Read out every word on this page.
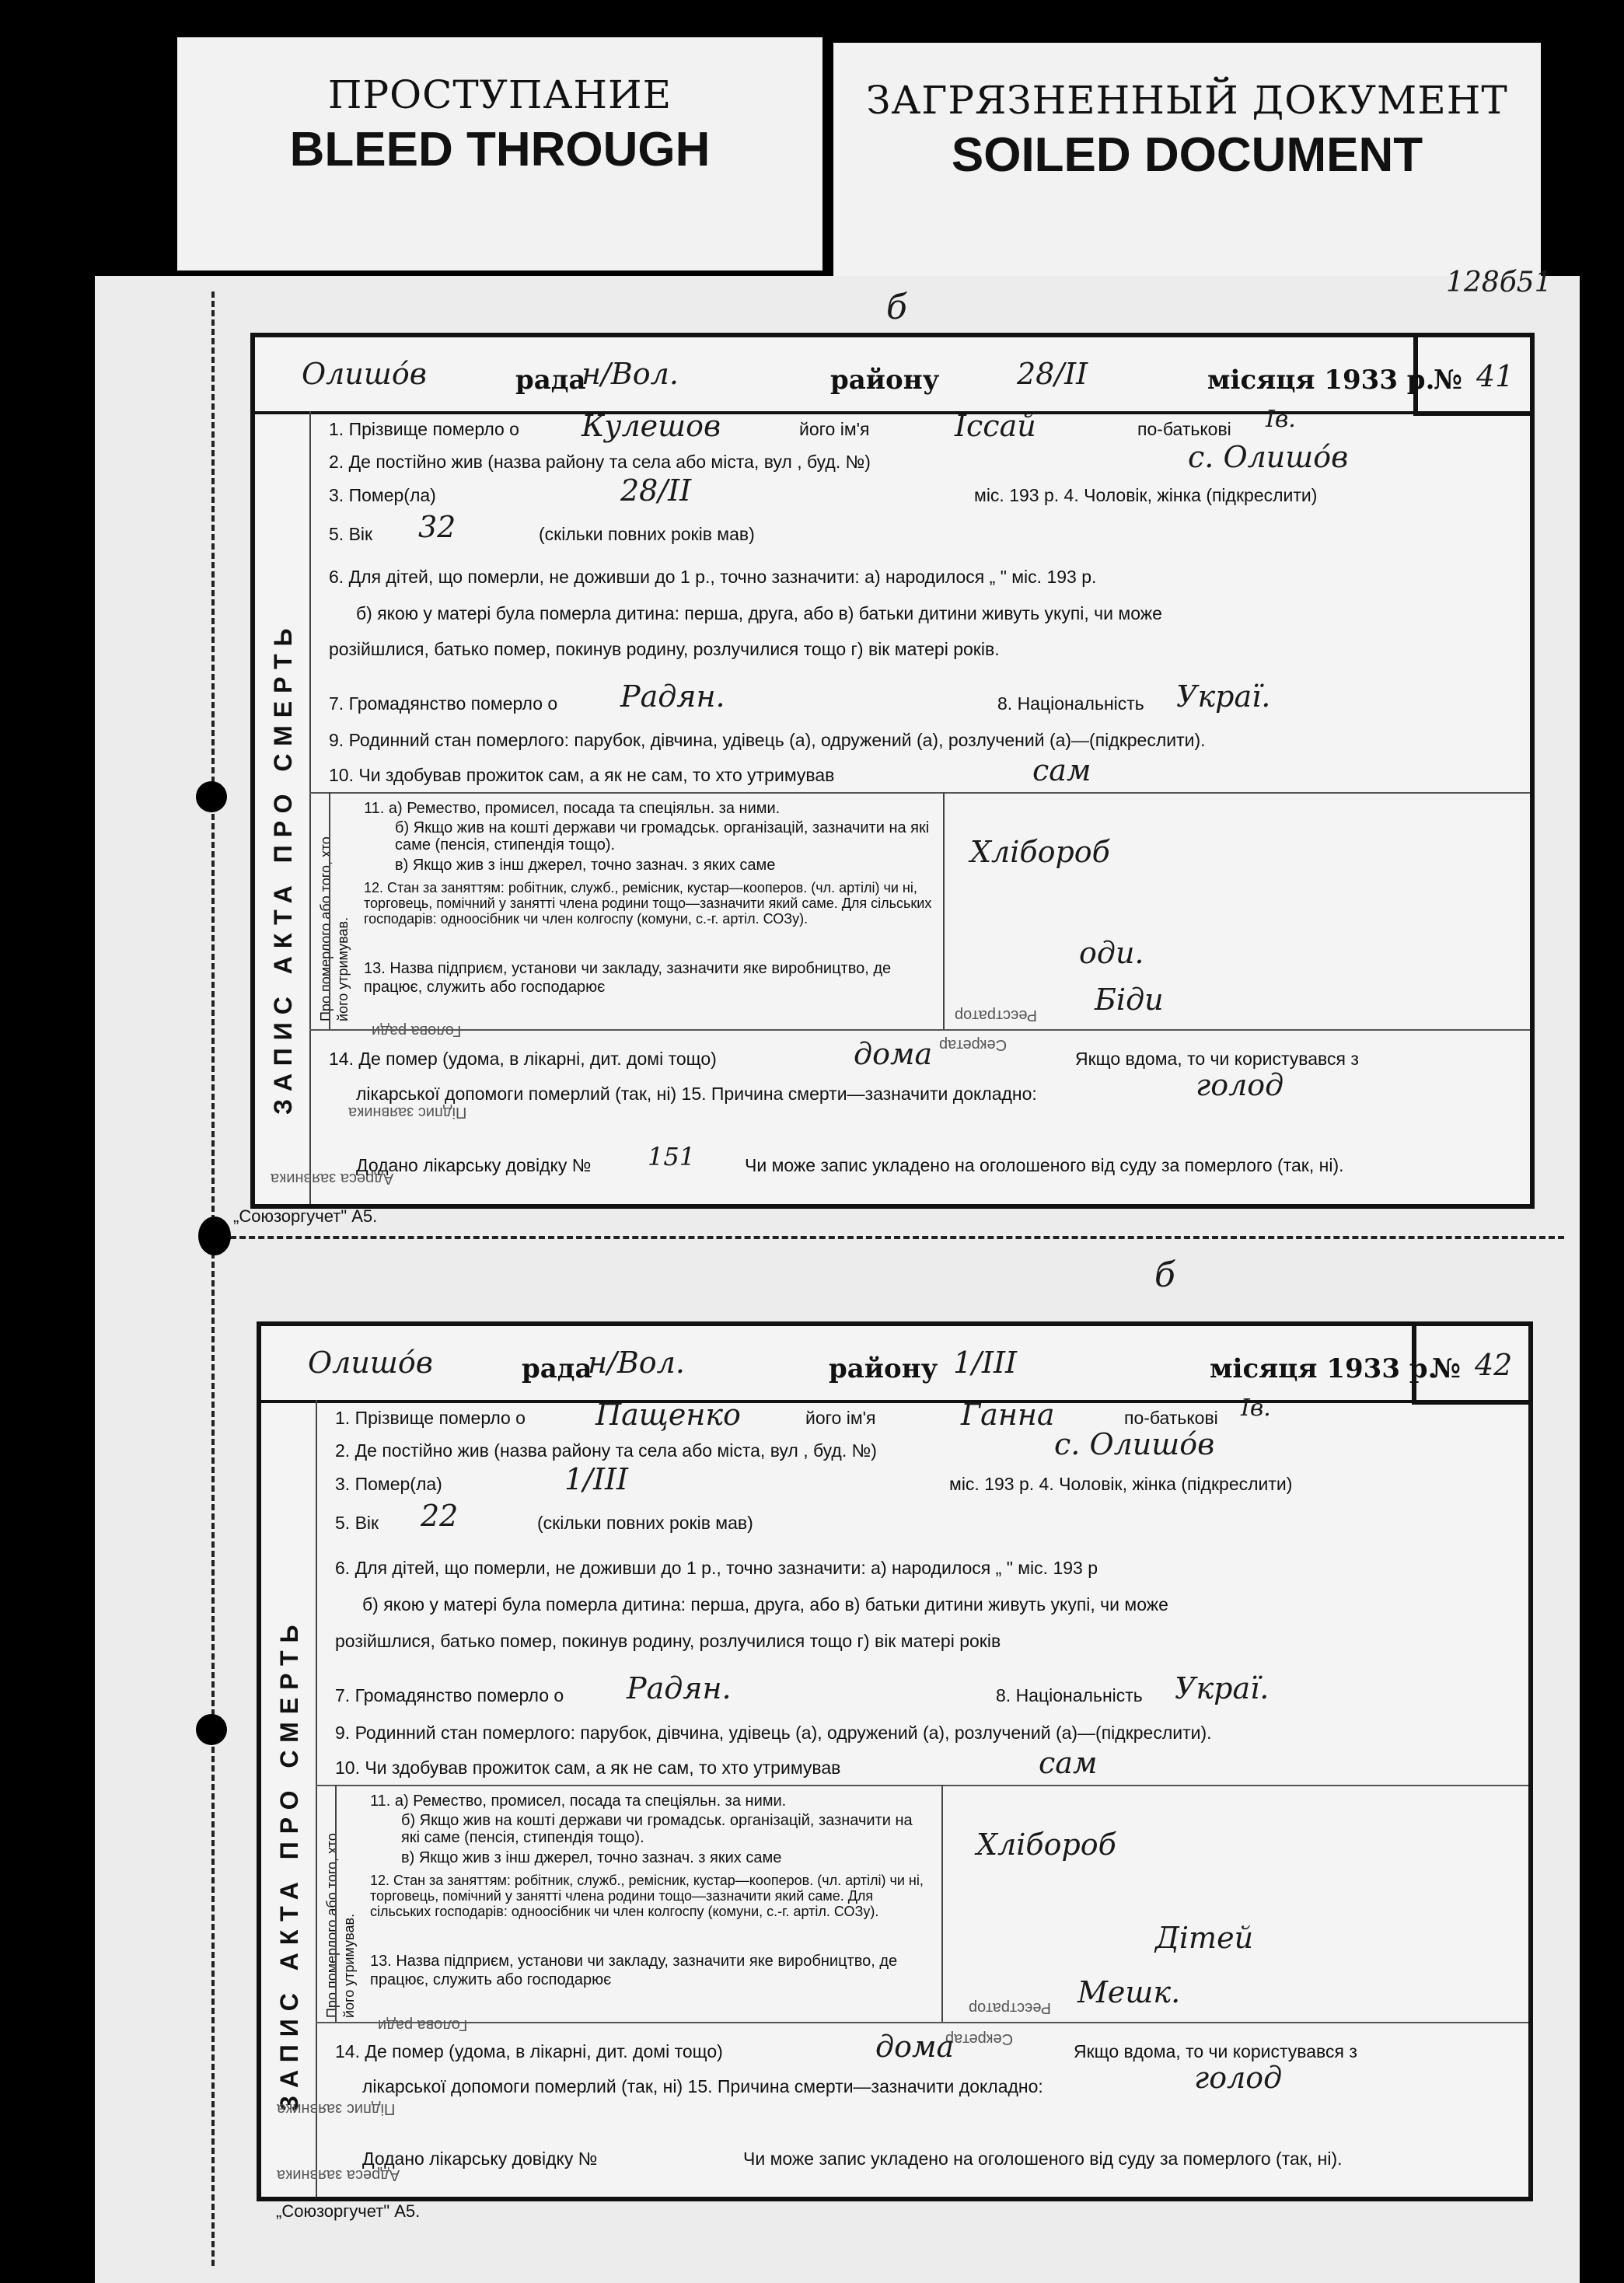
ПРОСТУПАНИЕ
BLEED THROUGH
ЗАГРЯЗНЕННЫЙ ДОКУМЕНТ
SOILED DOCUMENT
128б51
б
Олишо́в	рада
н/Вол.	району	28/ІІ	місяця 1933 р.
№ 41
ЗАПИС АКТА ПРО СМЕРТЬ Про померлого або того, хто його утримував.
1. Прізвище померло о Кулешов	його ім'я	Іссай	по-батькові Ів.
2. Де постійно жив (назва району та села або міста, вул , буд. №)	с. Олишо́в
3. Помер(ла)	28/ІІ	міс. 193 р. 4. Чоловік, жінка (підкреслити)
5. Вік 32	(скільки повних років мав)
6. Для дітей, що померли, не доживши до 1 р., точно зазначити: а) народилося „ " міс. 193 р.
б) якою у матері була померла дитина: перша, друга, або в) батьки дитини живуть укупі, чи може
розійшлися, батько помер, покинув родину, розлучилися тощо г) вік матері років.
7. Громадянство померло о Радян.	8. Національність Украї.
9. Родинний стан померлого: парубок, дівчина, удівець (а), одружений (а), розлучений (а)—(підкреслити).
10. Чи здобував прожиток сам, а як не сам, то хто утримував	сам
11. а) Ремество, промисел, посада та спеціяльн. за ними.
б) Якщо жив на коштi держави чи громадськ. організацій, зазначити на які саме (пенсія, стипендія тощо).
в) Якщо жив з інш джерел, точно зазнач. з яких саме	Хлібороб
12. Стан за заняттям: робітник, служб., ремісник, кустар—кооперов. (чл. артілі) чи ні, торговець, помічний у занятті члена родини тощо—зазначити який саме. Для сільських господарів: одноосібник чи член колгоспу (комуни, с.-г. артіл. СОЗу).
оди.
13. Назва підприєм, установи чи закладу, зазначити яке виробництво, де працює, служить або господарює	Біди
Підпис заявника
Адреса заявника
Реєстратор
Голова ради
Секретар
14. Де помер (удома, в лікарні, дит. домі тощо)	дома	Якщо вдома, то чи користувався з
лікарської допомоги померлий (так, ні) 15. Причина смерти—зазначити докладно:	голод
Додано лікарську довідку № 151	Чи може запис укладено на оголошеного від суду за померлого (так, ні).
„Союзоргучет" А5.
б
Олишо́в	рада
н/Вол.	району 1/ІІІ	місяця 1933 р.
№ 42
ЗАПИС АКТА ПРО СМЕРТЬ Про померлого або того, хто його утримував.
1. Прізвище померло о Пащенко	його ім'я	Ганна	по-батькові Ів.
2. Де постійно жив (назва району та села або міста, вул , буд. №)	с. Олишо́в
3. Помер(ла)	1/ІІІ	міс. 193 р. 4. Чоловік, жінка (підкреслити)
5. Вік 22	(скільки повних років мав)
6. Для дітей, що померли, не доживши до 1 р., точно зазначити: а) народилося „ " міс. 193 р
б) якою у матері була померла дитина: перша, друга, або в) батьки дитини живуть укупі, чи може
розійшлися, батько помер, покинув родину, розлучилися тощо г) вік матері років
7. Громадянство померло о Радян.	8. Національність Украї.
9. Родинний стан померлого: парубок, дівчина, удівець (а), одружений (а), розлучений (а)—(підкреслити).
10. Чи здобував прожиток сам, а як не сам, то хто утримував	сам
11. а) Ремество, промисел, посада та спеціяльн. за ними.
б) Якщо жив на коштi держави чи громадськ. організацій, зазначити на які саме (пенсія, стипендія тощо).
в) Якщо жив з інш джерел, точно зазнач. з яких саме	Хлібороб
12. Стан за заняттям: робітник, служб., ремісник, кустар—кооперов. (чл. артілі) чи ні, торговець, помічний у занятті члена родини тощо—зазначити який саме. Для сільських господарів: одноосібник чи член колгоспу (комуни, с.-г. артіл. СОЗу).
Дітей
13. Назва підприєм, установи чи закладу, зазначити яке виробництво, де працює, служить або господарює	Мешк.
Підпис заявника
Адреса заявника
Реєстратор
Голова ради
Секретар
14. Де помер (удома, в лікарні, дит. домі тощо)	дома	Якщо вдома, то чи користувався з
лікарської допомоги померлий (так, ні) 15. Причина смерти—зазначити докладно:	голод
Додано лікарську довідку №	Чи може запис укладено на оголошеного від суду за померлого (так, ні).
„Союзоргучет" А5.
